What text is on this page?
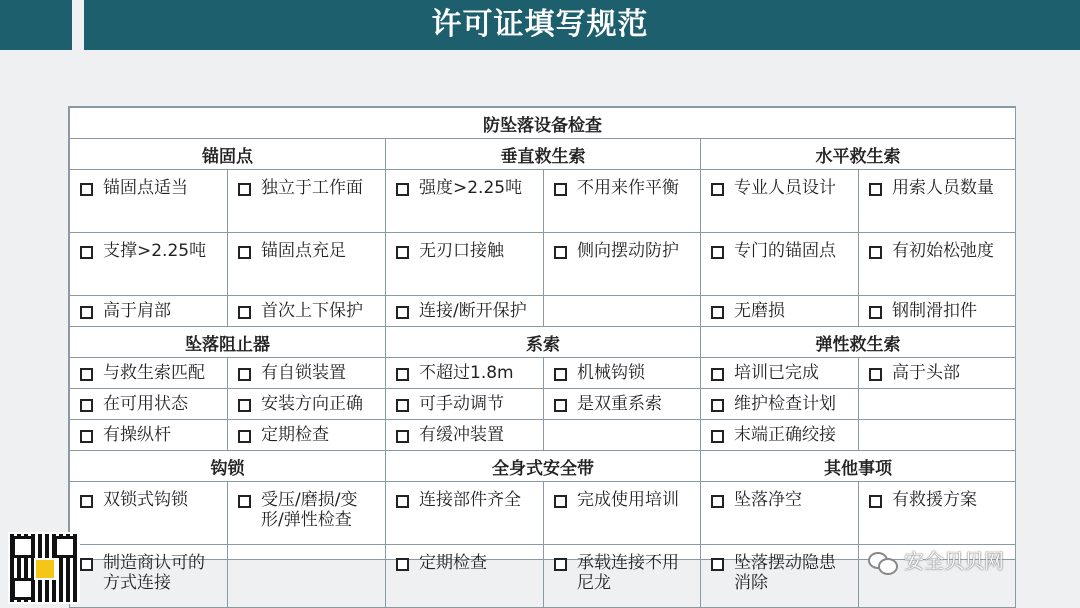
许可证填写规范
防坠落设备检查					
锚固点		垂直救生索		水平救生索	

锚固点适当	独立于工作面	强度>2.25吨	不用来作平衡	专业人员设计	用索人员数量

支撑>2.25吨	锚固点充足	无刃口接触	侧向摆动防护	专门的锚固点	有初始松弛度

高于肩部	首次上下保护	连接/断开保护		无磨损	钢制滑扣件

坠落阻止器		系索		弹性救生索	

与救生索匹配	有自锁装置	不超过1.8m	机械钩锁	培训已完成	高于头部

在可用状态	安装方向正确	可手动调节	是双重系索	维护检查计划	

有操纵杆	定期检查	有缓冲装置		末端正确绞接	

钩锁		全身式安全带		其他事项	

双锁式钩锁	受压/磨损/变形/弹性检查	连接部件齐全	完成使用培训	坠落净空	有救援方案

制造商认可的方式连接		定期检查	承载连接不用尼龙	坠落摆动隐患消除	

安全贝贝网
